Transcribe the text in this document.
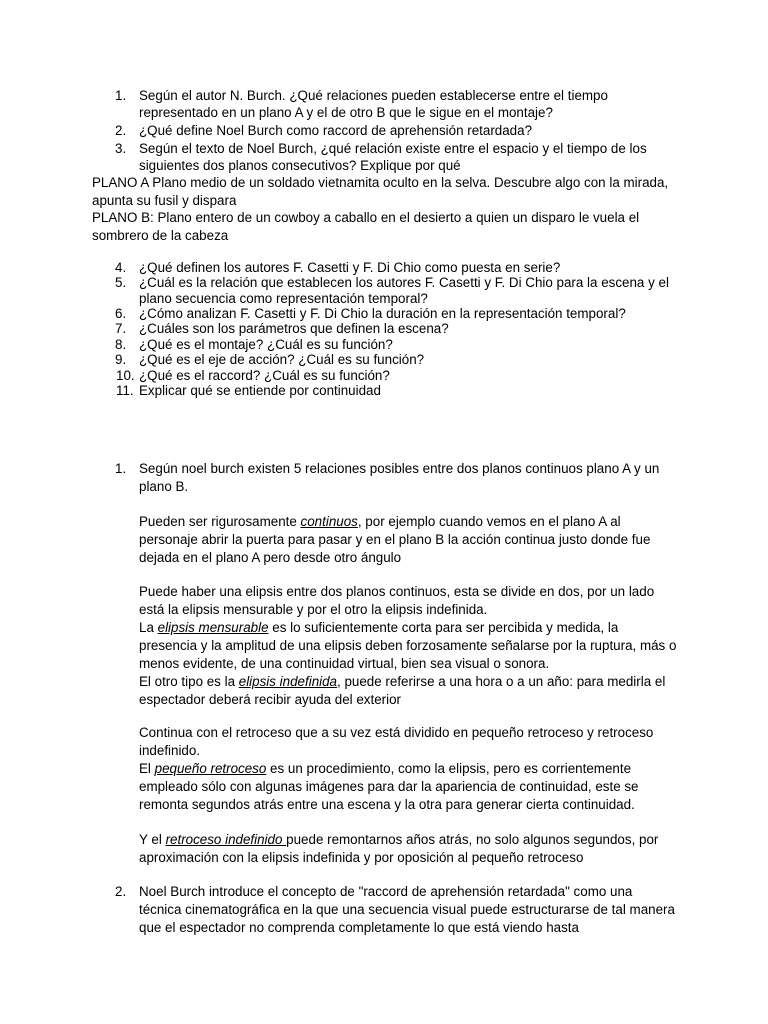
1. Según el autor N. Burch. ¿Qué relaciones pueden establecerse entre el tiempo representado en un plano A y el de otro B que le sigue en el montaje?
2. ¿Qué define Noel Burch como raccord de aprehensión retardada?
3. Según el texto de Noel Burch, ¿qué relación existe entre el espacio y el tiempo de los siguientes dos planos consecutivos? Explique por qué
PLANO A Plano medio de un soldado vietnamita oculto en la selva. Descubre algo con la mirada, apunta su fusil y dispara
PLANO B: Plano entero de un cowboy a caballo en el desierto a quien un disparo le vuela el sombrero de la cabeza
4. ¿Qué definen los autores F. Casetti y F. Di Chio como puesta en serie?
5. ¿Cuál es la relación que establecen los autores F. Casetti y F. Di Chio para la escena y el plano secuencia como representación temporal?
6. ¿Cómo analizan F. Casetti y F. Di Chio la duración en la representación temporal?
7. ¿Cuáles son los parámetros que definen la escena?
8. ¿Qué es el montaje? ¿Cuál es su función?
9. ¿Qué es el eje de acción? ¿Cuál es su función?
10. ¿Qué es el raccord? ¿Cuál es su función?
11. Explicar qué se entiende por continuidad
1. Según noel burch existen 5 relaciones posibles entre dos planos continuos plano A y un plano B.
Pueden ser rigurosamente continuos, por ejemplo cuando vemos en el plano A al personaje abrir la puerta para pasar y en el plano B la acción continua justo donde fue dejada en el plano A pero desde otro ángulo
Puede haber una elipsis entre dos planos continuos, esta se divide en dos, por un lado está la elipsis mensurable y por el otro la elipsis indefinida.
La elipsis mensurable es lo suficientemente corta para ser percibida y medida, la presencia y la amplitud de una elipsis deben forzosamente señalarse por la ruptura, más o menos evidente, de una continuidad virtual, bien sea visual o sonora.
El otro tipo es la elipsis indefinida, puede referirse a una hora o a un año: para medirla el espectador deberá recibir ayuda del exterior
Continua con el retroceso que a su vez está dividido en pequeño retroceso y retroceso indefinido.
El pequeño retroceso es un procedimiento, como la elipsis, pero es corrientemente empleado sólo con algunas imágenes para dar la apariencia de continuidad, este se remonta segundos atrás entre una escena y la otra para generar cierta continuidad.
Y el retroceso indefinido puede remontarnos años atrás, no solo algunos segundos, por aproximación con la elipsis indefinida y por oposición al pequeño retroceso
2. Noel Burch introduce el concepto de "raccord de aprehensión retardada" como una técnica cinematográfica en la que una secuencia visual puede estructurarse de tal manera que el espectador no comprenda completamente lo que está viendo hasta
